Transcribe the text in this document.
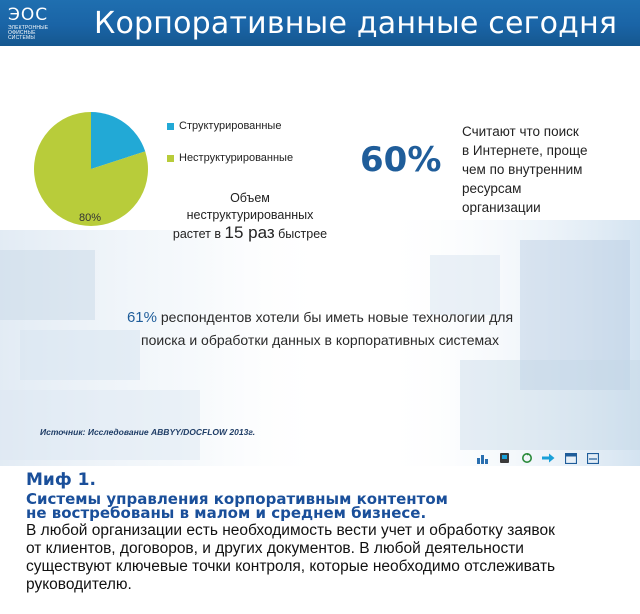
ЭОС
ЭЛЕКТРОННЫЕ
ОФИСНЫЕ
СИСТЕМЫ	Корпоративные данные сегодня
80%
Структурированные
Неструктурированные
Объем
неструктурированных
растет в 15 раз быстрее
60%
Считают что поиск
в Интернете, проще
чем по внутренним
ресурсам
организации
61% респондентов хотели бы иметь новые технологии для
поиска и обработки данных в корпоративных системах
Источник: Исследование ABBYY/DOCFLOW 2013г.
Миф 1.
Системы управления корпоративным контентом
не востребованы в малом и среднем бизнесе.
В любой организации есть необходимость вести учет и обработку заявок
от клиентов, договоров, и других документов. В любой деятельности
существуют ключевые точки контроля, которые необходимо отслеживать
руководителю.
